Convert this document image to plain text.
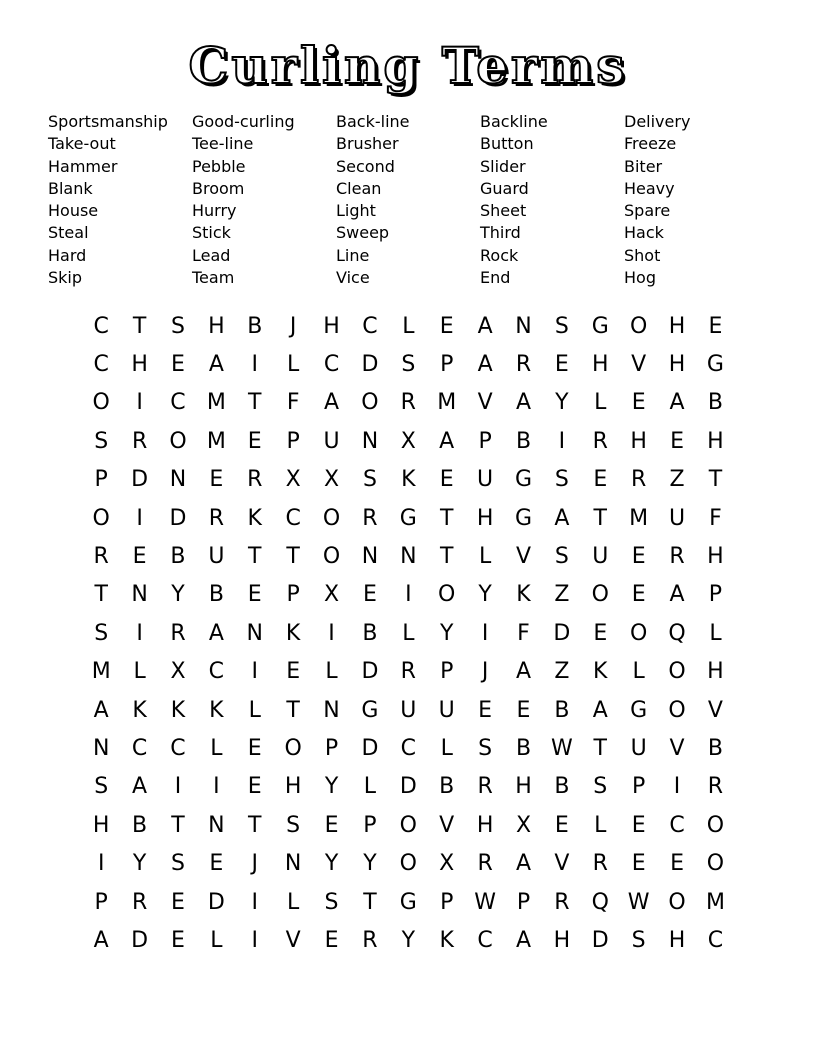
Curling Terms
Sportsmanship	Good-curling	Back-line	Backline	Delivery
Take-out	Tee-line	Brusher	Button	Freeze
Hammer	Pebble	Second	Slider	Biter
Blank	Broom	Clean	Guard	Heavy
House	Hurry	Light	Sheet	Spare
Steal	Stick	Sweep	Third	Hack
Hard	Lead	Line	Rock	Shot
Skip	Team	Vice	End	Hog
C	T	S	H	B	J	H	C	L	E	A	N	S	G O H	E
C	H	E	A	I	L	C	D	S	P	A	R	E	H	V	H G
O	I	C M	T	F	A	O	R M V	A	Y	L	E	A	B
S	R	O M E	P	U	N	X	A	P	B	I	R	H	E	H
P	D N	E	R	X	X	S	K	E	U G	S	E	R	Z	T
O	I	D	R	K	C	O	R	G	T	H G	A	T	M U	F
R	E	B	U	T	T	O N N	T	L	V	S	U	E	R	H
T	N	Y	B	E	P	X	E	I	O	Y	K	Z	O	E	A	P
S	I	R	A	N	K	I	B	L	Y	I	F	D	E	O Q	L
M	L	X	C	I	E	L	D	R	P	J	A	Z	K	L	O H
A	K	K	K	L	T	N G U	U	E	E	B	A	G O	V
N	C	C	L	E	O	P	D	C	L	S	B W T	U	V	B
S	A	I	I	E	H	Y	L	D	B	R	H	B	S	P	I	R
H	B	T	N	T	S	E	P	O	V	H	X	E	L	E	C	O
I	Y	S	E	J	N	Y	Y	O	X	R	A	V	R	E	E	O
P	R	E	D	I	L	S	T	G	P W P	R	Q W O M
A	D	E	L	I	V	E	R	Y	K	C	A	H D	S	H	C
